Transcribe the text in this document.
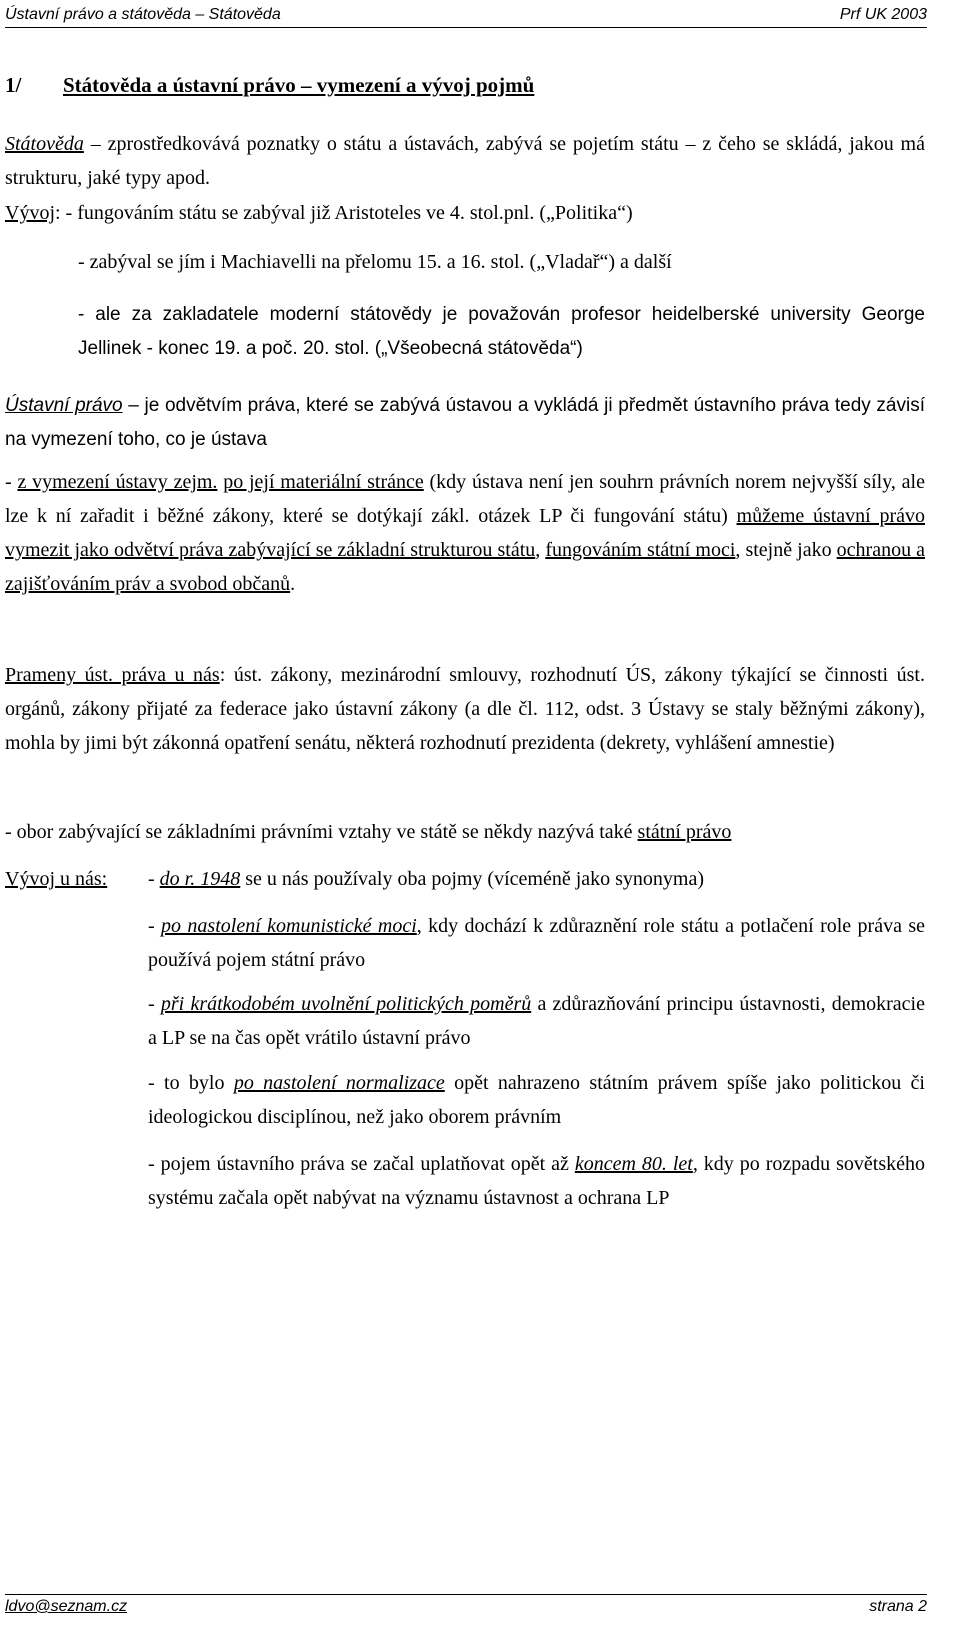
Ústavní právo a státověda – Státověda	Prf UK 2003
1/ Státověda a ústavní právo – vymezení a vývoj pojmů
Státověda – zprostředkovává poznatky o státu a ústavách, zabývá se pojetím státu – z čeho se skládá, jakou má strukturu, jaké typy apod.
Vývoj: - fungováním státu se zabýval již Aristoteles ve 4. stol.pnl. („Politika“)
- zabýval se jím i Machiavelli na přelomu 15. a 16. stol. („Vladař“) a další
- ale za zakladatele moderní státovědy je považován profesor heidelberské university George Jellinek - konec 19. a poč. 20. stol. („Všeobecná státověda“)
Ústavní právo – je odvětvím práva, které se zabývá ústavou a vykládá ji předmět ústavního práva tedy závisí na vymezení toho, co je ústava
- z vymezení ústavy zejm. po její materiální stránce (kdy ústava není jen souhrn právních norem nejvyšší síly, ale lze k ní zařadit i běžné zákony, které se dotýkají zákl. otázek LP či fungování státu) můžeme ústavní právo vymezit jako odvětví práva zabývající se základní strukturou státu, fungováním státní moci, stejně jako ochranou a zajišťováním práv a svobod občanů.
Prameny úst. práva u nás: úst. zákony, mezinárodní smlouvy, rozhodnutí ÚS, zákony týkající se činnosti úst. orgánů, zákony přijaté za federace jako ústavní zákony (a dle čl. 112, odst. 3 Ústavy se staly běžnými zákony), mohla by jimi být zákonná opatření senátu, některá rozhodnutí prezidenta (dekrety, vyhlášení amnestie)
- obor zabývající se základními právními vztahy ve státě se někdy nazývá také státní právo
Vývoj u nás: - do r. 1948 se u nás používaly oba pojmy (víceméně jako synonyma)
- po nastolení komunistické moci, kdy dochází k zdůraznění role státu a potlačení role práva se používá pojem státní právo
- při krátkodobém uvolnění politických poměrů a zdůrazňování principu ústavnosti, demokracie a LP se na čas opět vrátilo ústavní právo
- to bylo po nastolení normalizace opět nahrazeno státním právem spíše jako politickou či ideologickou disciplínou, než jako oborem právním
- pojem ústavního práva se začal uplatňovat opět až koncem 80. let, kdy po rozpadu sovětského systému začala opět nabývat na významu ústavnost a ochrana LP
ldvo@seznam.cz	strana 2
